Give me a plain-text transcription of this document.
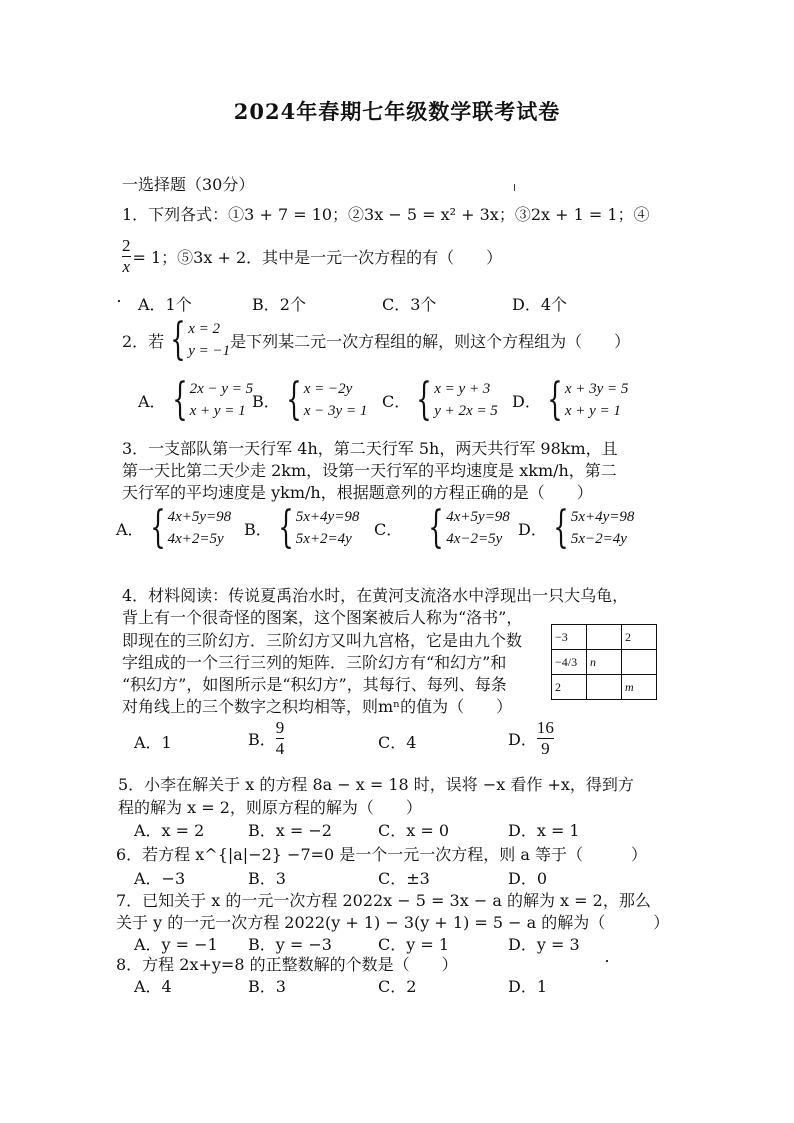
2024年春期七年级数学联考试卷
一选择题（30分）
1．下列各式：①3 + 7 = 10；②3x − 5 = x² + 3x；③2x + 1 = 1；④
$\frac{2}{x} = 1$；⑤3x + 2．其中是一元一次方程的有（　　）
A．1个	B．2个	C．3个	D．4个
2．若 { x = 2
y = −1
是下列某二元一次方程组的解，则这个方程组为（　　）
A． { 2x − y = 5
x + y = 1
B． { x = −2y
x − 3y = 1
C． { x = y + 3
y + 2x = 5
D． { x + 3y = 5
x + y = 1
3．一支部队第一天行军 4h，第二天行军 5h，两天共行军 98km，且
第一天比第二天少走 2km，设第一天行军的平均速度是 xkm/h，第二
天行军的平均速度是 ykm/h，根据题意列的方程正确的是（　　）
A． { 4x+5y=98
4x+2=5y
B． { 5x+4y=98
5x+2=4y
C． { 4x+5y=98
4x−2=5y
D． { 5x+4y=98
5x−2=4y
4．材料阅读：传说夏禹治水时，在黄河支流洛水中浮现出一只大乌龟，
背上有一个很奇怪的图案，这个图案被后人称为“洛书”，
即现在的三阶幻方．三阶幻方又叫九宫格，它是由九个数
字组成的一个三行三列的矩阵．三阶幻方有“和幻方”和
“积幻方”，如图所示是“积幻方”，其每行、每列、每条
对角线上的三个数字之积均相等，则mⁿ的值为（　　）
−3		2
−4/3	n	
2		m
A．1	B． $\frac{9}{4}$	C．4	D． $\frac{16}{9}$
5．小李在解关于 x 的方程 8a − x = 18 时，误将 −x 看作 +x，得到方
程的解为 x = 2，则原方程的解为（　　）
A．x = 2	B．x = −2	C．x = 0	D．x = 1
6．若方程 x^{|a|−2} −7=0 是一个一元一次方程，则 a 等于（　　　）
A．−3	B．3	C．±3	D．0
7．已知关于 x 的一元一次方程 2022x − 5 = 3x − a 的解为 x = 2，那么
关于 y 的一元一次方程 2022(y + 1) − 3(y + 1) = 5 − a 的解为（　　　）
A．y = −1 B．y = −3	C．y = 1	D．y = 3
8．方程 2x+y=8 的正整数解的个数是（　　）
A．4	B．3	C．2	D．1
